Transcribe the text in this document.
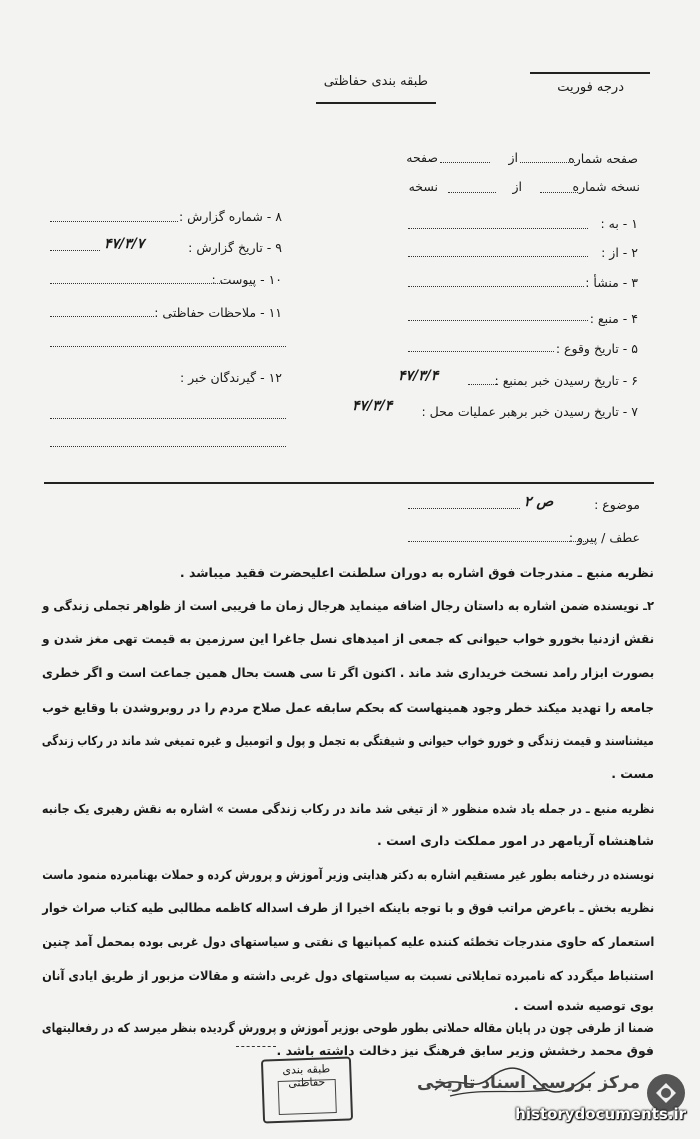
درجه فوریت
طبقه بندی حفاظتی
صفحه شماره
از
صفحه
نسخه شماره
از
نسخه
۱ - به :
۲ - از :
۳ - منشأ :
۴ - منبع :
۵ - تاریخ وقوع :
۶ - تاریخ رسیدن خبر بمنبع :
۴۷/۳/۴
۷ - تاریخ رسیدن خبر برهبر عملیات محل :
۴۷/۳/۴
۸ - شماره گزارش :
۹ - تاریخ گزارش :
۴۷/۳/۷
۱۰ - پیوست :
۱۱ - ملاحظات حفاظتی :
۱۲ - گیرندگان خبر :
موضوع :
ص ۲
عطف / پیرو :
نظریه منبع ـ مندرجات فوق اشاره به دوران سلطنت اعلیحضرت فقید میباشد .
۲ـ نویسنده ضمن اشاره به داستان رجال اضافه مینماید هرجال زمان ما فریبی است از ظواهر تجملی زندگی و
نقش ازدنیا بخورو خواب حیوانی که جمعی از امیدهای نسل جاغرا این سرزمین به قیمت تهی مغز شدن و
بصورت ابزار رامد نسخت خریداری شد ماند . اکنون اگر تا سی هست بحال همین جماعت است و اگر خطری
جامعه را تهدید میکند خطر وجود همینهاست که بحکم سابقه عمل صلاح مردم را در روبروشدن با وقایع خوب
میشناسند و قیمت زندگی و خورو خواب حیوانی و شیفتگی به تجمل و پول و اتومبیل و غیره تمیغی شد ماند در رکاب زندگی
مست .
نظریه منبع ـ در جمله یاد شده منظور « از تیغی شد ماند در رکاب زندگی مست » اشاره به نقش رهبری یک جانبه
شاهنشاه آریامهر در امور مملکت داری است .
نویسنده در رخنامه بطور غیر مستقیم اشاره به دکتر هدایتی وزیر آموزش و پرورش کرده و حملات بهنامبرده منمود ماست
نظریه بخش ـ باعرض مراتب فوق و با توجه باینکه اخیرا از طرف اسداله کاظمه مطالبی طیه کتاب صراث خوار
استعمار که حاوی مندرجات تخطئه کننده علیه کمپانیها ی نفتی و سیاستهای دول غربی بوده بمحمل آمد چنین
استنباط میگردد که نامبرده تمایلاتی نسبت به سیاستهای دول غربی داشته و مقالات مزبور از طریق ایادی آنان
بوی توصیه شده است .
ضمنا از طرفی چون در پایان مقاله حملاتی بطور طوحی بوزیر آموزش و پرورش گردیده بنظر میرسد که در رفعالیتهای
فوق محمد رخشش وزیر سابق فرهنگ نیز دخالت داشته باشد .
طبقه بندی حفاظتی	مرکز بررسی اسناد تاریخی
historydocuments.ir
